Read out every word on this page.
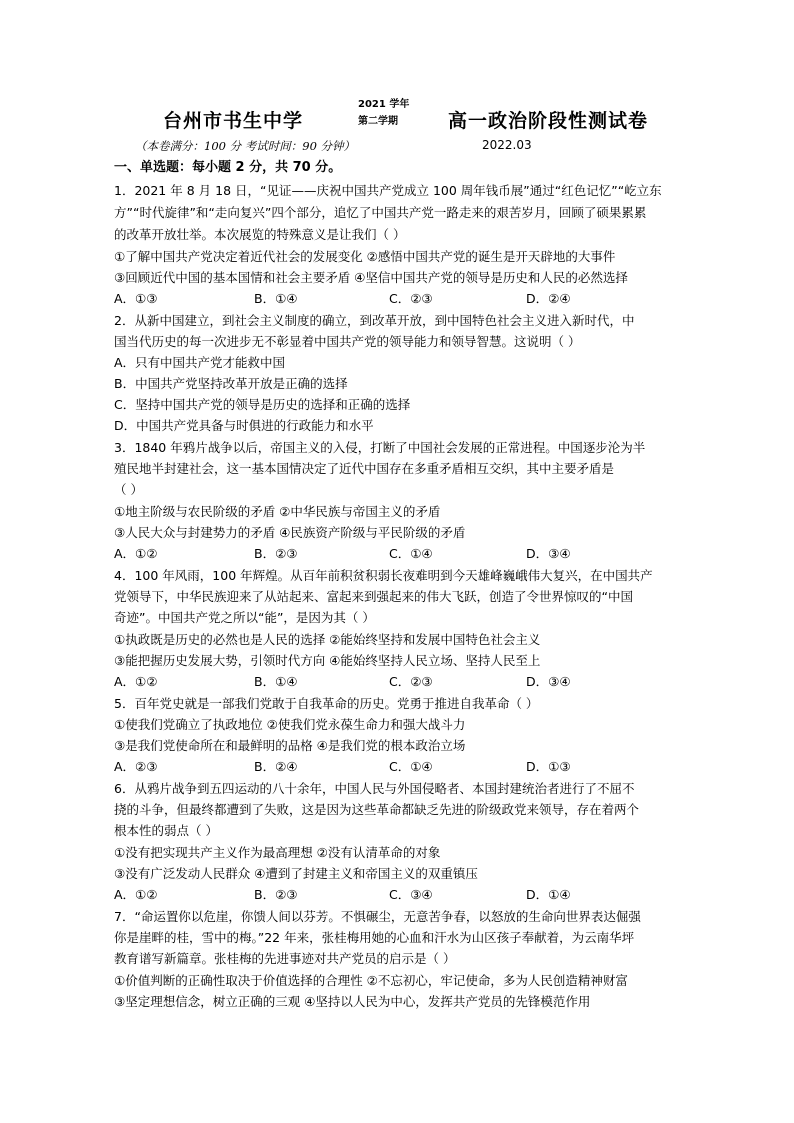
台州市书生中学
2021 学年
第二学期	高一政治阶段性测试卷
（本卷满分：100 分 考试时间：90 分钟）	2022.03
一、单选题：每小题 2 分，共 70 分。
1．2021 年 8 月 18 日，“见证——庆祝中国共产党成立 100 周年钱币展”通过“红色记忆”“屹立东
方”“时代旋律”和“走向复兴”四个部分，追忆了中国共产党一路走来的艰苦岁月，回顾了硕果累累
的改革开放壮举。本次展览的特殊意义是让我们（ ）
①了解中国共产党决定着近代社会的发展变化 ②感悟中国共产党的诞生是开天辟地的大事件
③回顾近代中国的基本国情和社会主要矛盾 ④坚信中国共产党的领导是历史和人民的必然选择
A．①③	B．①④	C．②③	D．②④
2．从新中国建立，到社会主义制度的确立，到改革开放，到中国特色社会主义进入新时代，中
国当代历史的每一次进步无不彰显着中国共产党的领导能力和领导智慧。这说明（ ）
A．只有中国共产党才能救中国
B．中国共产党坚持改革开放是正确的选择
C．坚持中国共产党的领导是历史的选择和正确的选择
D．中国共产党具备与时俱进的行政能力和水平
3．1840 年鸦片战争以后，帝国主义的入侵，打断了中国社会发展的正常进程。中国逐步沦为半
殖民地半封建社会，这一基本国情决定了近代中国存在多重矛盾相互交织，其中主要矛盾是
（ ）
①地主阶级与农民阶级的矛盾 ②中华民族与帝国主义的矛盾
③人民大众与封建势力的矛盾 ④民族资产阶级与平民阶级的矛盾
A．①②	B．②③	C．①④	D．③④
4．100 年风雨，100 年辉煌。从百年前积贫积弱长夜难明到今天雄峰巍峨伟大复兴，在中国共产
党领导下，中华民族迎来了从站起来、富起来到强起来的伟大飞跃，创造了令世界惊叹的“中国
奇迹”。中国共产党之所以“能”，是因为其（ ）
①执政既是历史的必然也是人民的选择 ②能始终坚持和发展中国特色社会主义
③能把握历史发展大势，引领时代方向 ④能始终坚持人民立场、坚持人民至上
A．①②	B．①④	C．②③	D．③④
5．百年党史就是一部我们党敢于自我革命的历史。党勇于推进自我革命（ ）
①使我们党确立了执政地位 ②使我们党永葆生命力和强大战斗力
③是我们党使命所在和最鲜明的品格 ④是我们党的根本政治立场
A．②③	B．②④	C．①④	D．①③
6．从鸦片战争到五四运动的八十余年，中国人民与外国侵略者、本国封建统治者进行了不屈不
挠的斗争，但最终都遭到了失败，这是因为这些革命都缺乏先进的阶级政党来领导，存在着两个
根本性的弱点（ ）
①没有把实现共产主义作为最高理想 ②没有认清革命的对象
③没有广泛发动人民群众 ④遭到了封建主义和帝国主义的双重镇压
A．①②	B．②③	C．③④	D．①④
7．“命运置你以危崖，你馈人间以芬芳。不惧碾尘，无意苦争春，以怒放的生命向世界表达倔强
你是崖畔的桂，雪中的梅。”22 年来，张桂梅用她的心血和汗水为山区孩子奉献着，为云南华坪
教育谱写新篇章。张桂梅的先进事迹对共产党员的启示是（ ）
①价值判断的正确性取决于价值选择的合理性 ②不忘初心，牢记使命，多为人民创造精神财富
③坚定理想信念，树立正确的三观 ④坚持以人民为中心，发挥共产党员的先锋模范作用
